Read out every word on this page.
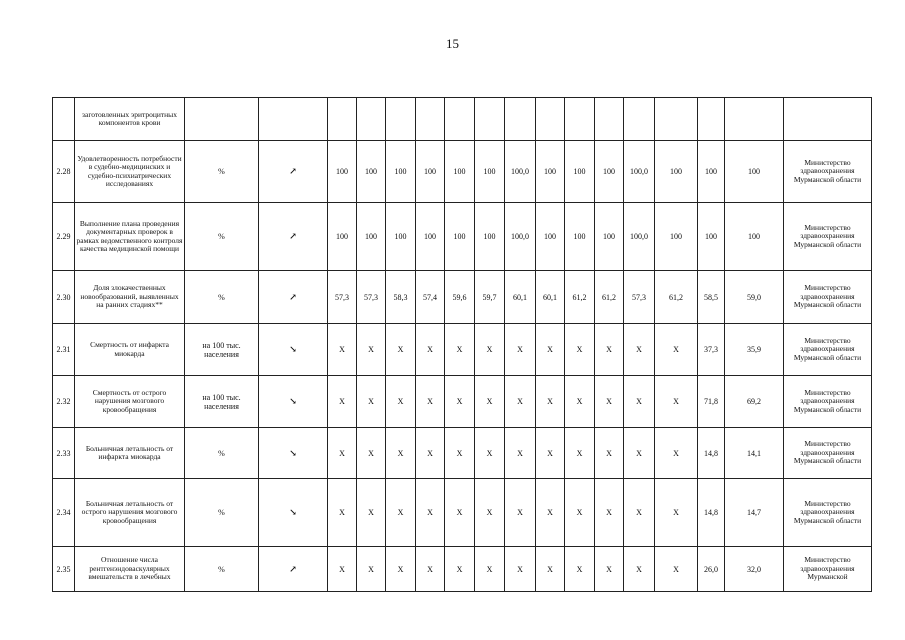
15
	заготовленных эритроцитных компонентов крови																	
2.28	Удовлетворенность потребности в судебно-медицинских и судебно-психиатрических исследованиях	%	↗	100	100	100	100	100	100	100,0	100	100	100	100,0	100	100	100	Министерство здравоохранения Мурманской области
2.29	Выполнение плана проведения документарных проверок в рамках ведомственного контроля качества медицинской помощи	%	↗	100	100	100	100	100	100	100,0	100	100	100	100,0	100	100	100	Министерство здравоохранения Мурманской области
2.30	Доля злокачественных новообразований, выявленных на ранних стадиях**	%	↗	57,3	57,3	58,3	57,4	59,6	59,7	60,1	60,1	61,2	61,2	57,3	61,2	58,5	59,0	Министерство здравоохранения Мурманской области
2.31	Смертность от инфаркта миокарда	на 100 тыс. населения	↘	X	X	X	X	X	X	X	X	X	X	X	X	37,3	35,9	Министерство здравоохранения Мурманской области
2.32	Смертность от острого нарушения мозгового кровообращения	на 100 тыс. населения	↘	X	X	X	X	X	X	X	X	X	X	X	X	71,8	69,2	Министерство здравоохранения Мурманской области
2.33	Больничная летальность от инфаркта миокарда	%	↘	X	X	X	X	X	X	X	X	X	X	X	X	14,8	14,1	Министерство здравоохранения Мурманской области
2.34	Больничная летальность от острого нарушения мозгового кровообращения	%	↘	X	X	X	X	X	X	X	X	X	X	X	X	14,8	14,7	Министерство здравоохранения Мурманской области
2.35	Отношение числа рентгенэндоваскулярных вмешательств в лечебных	%	↗	X	X	X	X	X	X	X	X	X	X	X	X	26,0	32,0	Министерство здравоохранения Мурманской
